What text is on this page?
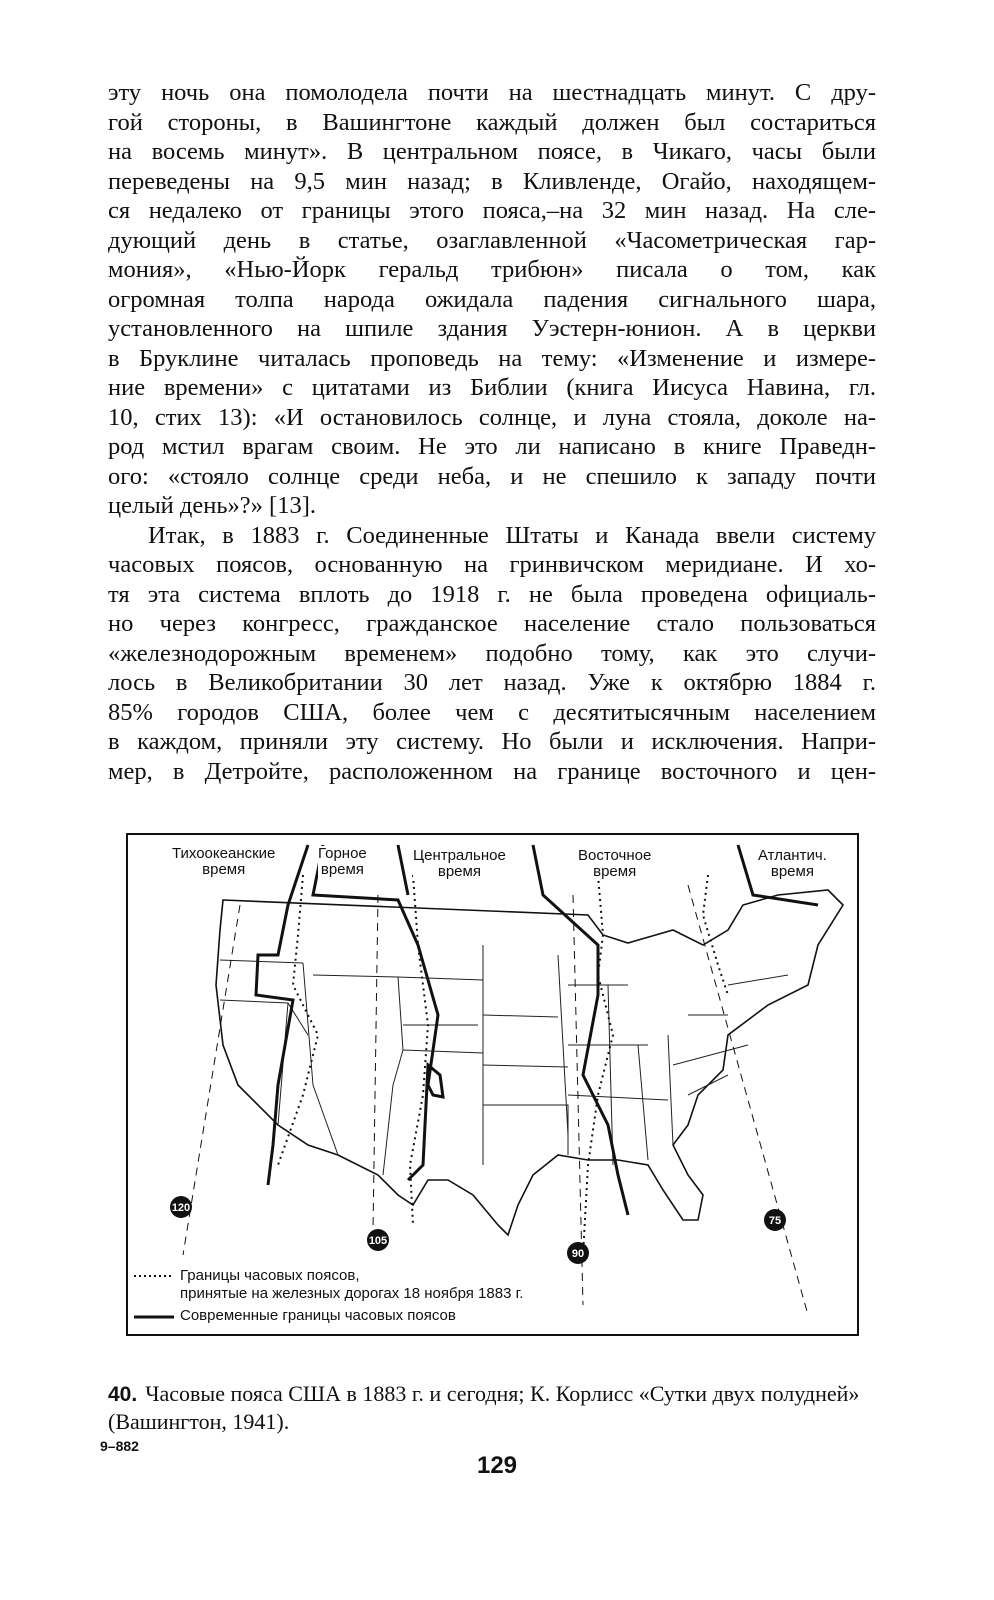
эту ночь она помолодела почти на шестнадцать минут. С дру-
гой стороны, в Вашингтоне каждый должен был состариться
на восемь минут». В центральном поясе, в Чикаго, часы были
переведены на 9,5 мин назад; в Кливленде, Огайо, находящем-
ся недалеко от границы этого пояса,–на 32 мин назад. На сле-
дующий день в статье, озаглавленной «Часометрическая гар-
мония», «Нью-Йорк геральд трибюн» писала о том, как
огромная толпа народа ожидала падения сигнального шара,
установленного на шпиле здания Уэстерн-юнион. А в церкви
в Бруклине читалась проповедь на тему: «Изменение и измере-
ние времени» с цитатами из Библии (книга Иисуса Навина, гл.
10, стих 13): «И остановилось солнце, и луна стояла, доколе на-
род мстил врагам своим. Не это ли написано в книге Праведн-
ого: «стояло солнце среди неба, и не спешило к западу почти
целый день»?» [13].
Итак, в 1883 г. Соединенные Штаты и Канада ввели систему
часовых поясов, основанную на гринвичском меридиане. И хо-
тя эта система вплоть до 1918 г. не была проведена официаль-
но через конгресс, гражданское население стало пользоваться
«железнодорожным временем» подобно тому, как это случи-
лось в Великобритании 30 лет назад. Уже к октябрю 1884 г.
85% городов США, более чем с десятитысячным населением
в каждом, приняли эту систему. Но были и исключения. Напри-
мер, в Детройте, расположенном на границе восточного и цен-
120
105
90
75
Тихоокеанские
время
Горное
время
Центральное
время
Восточное
время
Атлантич.
время
Границы часовых поясов,
принятые на железных дорогах 18 ноября 1883 г.
Современные границы часовых поясов
40. Часовые пояса США в 1883 г. и сегодня; К. Корлисс «Сутки двух полудней» (Вашингтон, 1941).
9–882
129
